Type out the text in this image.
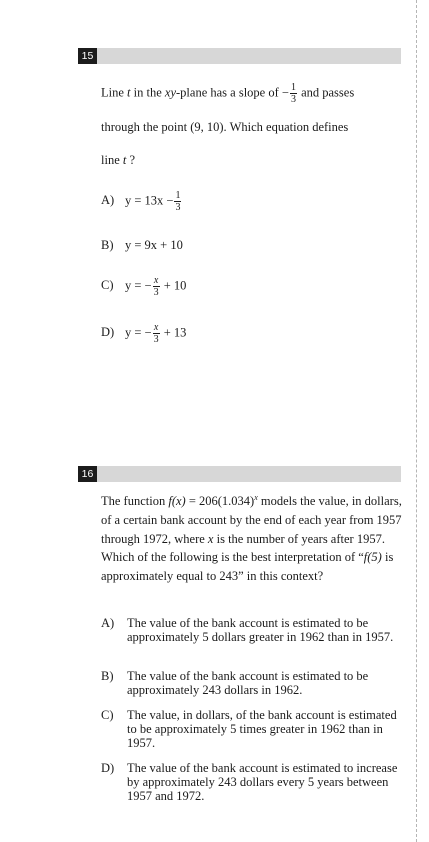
15
Line t in the xy-plane has a slope of − $\frac{1}{3}$ and passes
through the point (9, 10). Which equation defines
line t ?
A) $y = 13x - \frac{1}{3}$
B) y = 9x + 10
C) y = − $\frac{x}{3} + 10$
D) y = − $\frac{x}{3} + 13$
16
The function $f(x) = 206(1.034)^x$ models the value, in dollars, of a certain bank account by the end of each year from 1957 through 1972, where x is the number of years after 1957. Which of the following is the best interpretation of “f(5) is approximately equal to 243” in this context?
A) The value of the bank account is estimated to be approximately 5 dollars greater in 1962 than in 1957.
B) The value of the bank account is estimated to be approximately 243 dollars in 1962.
C) The value, in dollars, of the bank account is estimated to be approximately 5 times greater in 1962 than in 1957.
D) The value of the bank account is estimated to increase by approximately 243 dollars every 5 years between 1957 and 1972.
